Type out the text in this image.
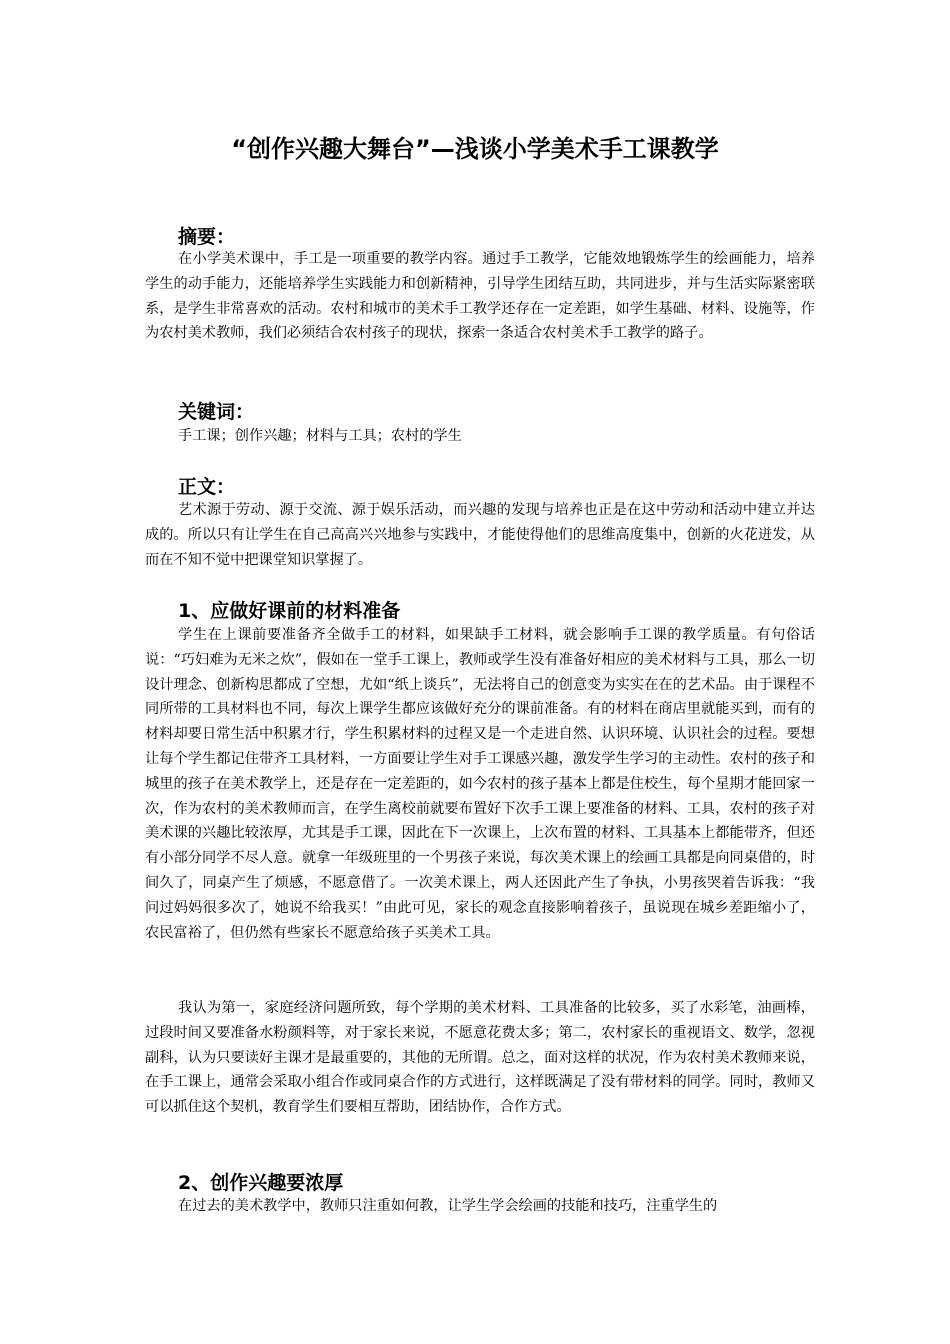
“创作兴趣大舞台”—浅谈小学美术手工课教学
摘要：

在小学美术课中，手工是一项重要的教学内容。通过手工教学，它能效地锻炼学生的绘画能力，培养学生的动手能力，还能培养学生实践能力和创新精神，引导学生团结互助，共同进步，并与生活实际紧密联系，是学生非常喜欢的活动。农村和城市的美术手工教学还存在一定差距，如学生基础、材料、设施等，作为农村美术教师，我们必须结合农村孩子的现状，探索一条适合农村美术手工教学的路子。

关键词：

手工课；创作兴趣；材料与工具；农村的学生

正文：

艺术源于劳动、源于交流、源于娱乐活动，而兴趣的发现与培养也正是在这中劳动和活动中建立并达成的。所以只有让学生在自己高高兴兴地参与实践中，才能使得他们的思维高度集中，创新的火花迸发，从而在不知不觉中把课堂知识掌握了。

1、应做好课前的材料准备

学生在上课前要准备齐全做手工的材料，如果缺手工材料，就会影响手工课的教学质量。有句俗话说：“巧妇难为无米之炊”，假如在一堂手工课上，教师或学生没有准备好相应的美术材料与工具，那么一切设计理念、创新构思都成了空想，尤如“纸上谈兵”，无法将自己的创意变为实实在在的艺术品。由于课程不同所带的工具材料也不同，每次上课学生都应该做好充分的课前准备。有的材料在商店里就能买到，而有的材料却要日常生活中积累才行，学生积累材料的过程又是一个走进自然、认识环境、认识社会的过程。要想让每个学生都记住带齐工具材料，一方面要让学生对手工课感兴趣，激发学生学习的主动性。农村的孩子和城里的孩子在美术教学上，还是存在一定差距的，如今农村的孩子基本上都是住校生，每个星期才能回家一次，作为农村的美术教师而言，在学生离校前就要布置好下次手工课上要准备的材料、工具，农村的孩子对美术课的兴趣比较浓厚，尤其是手工课，因此在下一次课上，上次布置的材料、工具基本上都能带齐，但还有小部分同学不尽人意。就拿一年级班里的一个男孩子来说，每次美术课上的绘画工具都是向同桌借的，时间久了，同桌产生了烦感，不愿意借了。一次美术课上，两人还因此产生了争执，小男孩哭着告诉我：“我问过妈妈很多次了，她说不给我买！”由此可见，家长的观念直接影响着孩子，虽说现在城乡差距缩小了，农民富裕了，但仍然有些家长不愿意给孩子买美术工具。

我认为第一，家庭经济问题所致，每个学期的美术材料、工具准备的比较多，买了水彩笔，油画棒，过段时间又要准备水粉颜料等，对于家长来说，不愿意花费太多；第二，农村家长的重视语文、数学，忽视副科，认为只要读好主课才是最重要的，其他的无所谓。总之，面对这样的状况，作为农村美术教师来说，在手工课上，通常会采取小组合作或同桌合作的方式进行，这样既满足了没有带材料的同学。同时，教师又可以抓住这个契机，教育学生们要相互帮助，团结协作，合作方式。

2、创作兴趣要浓厚

在过去的美术教学中，教师只注重如何教，让学生学会绘画的技能和技巧，注重学生的
